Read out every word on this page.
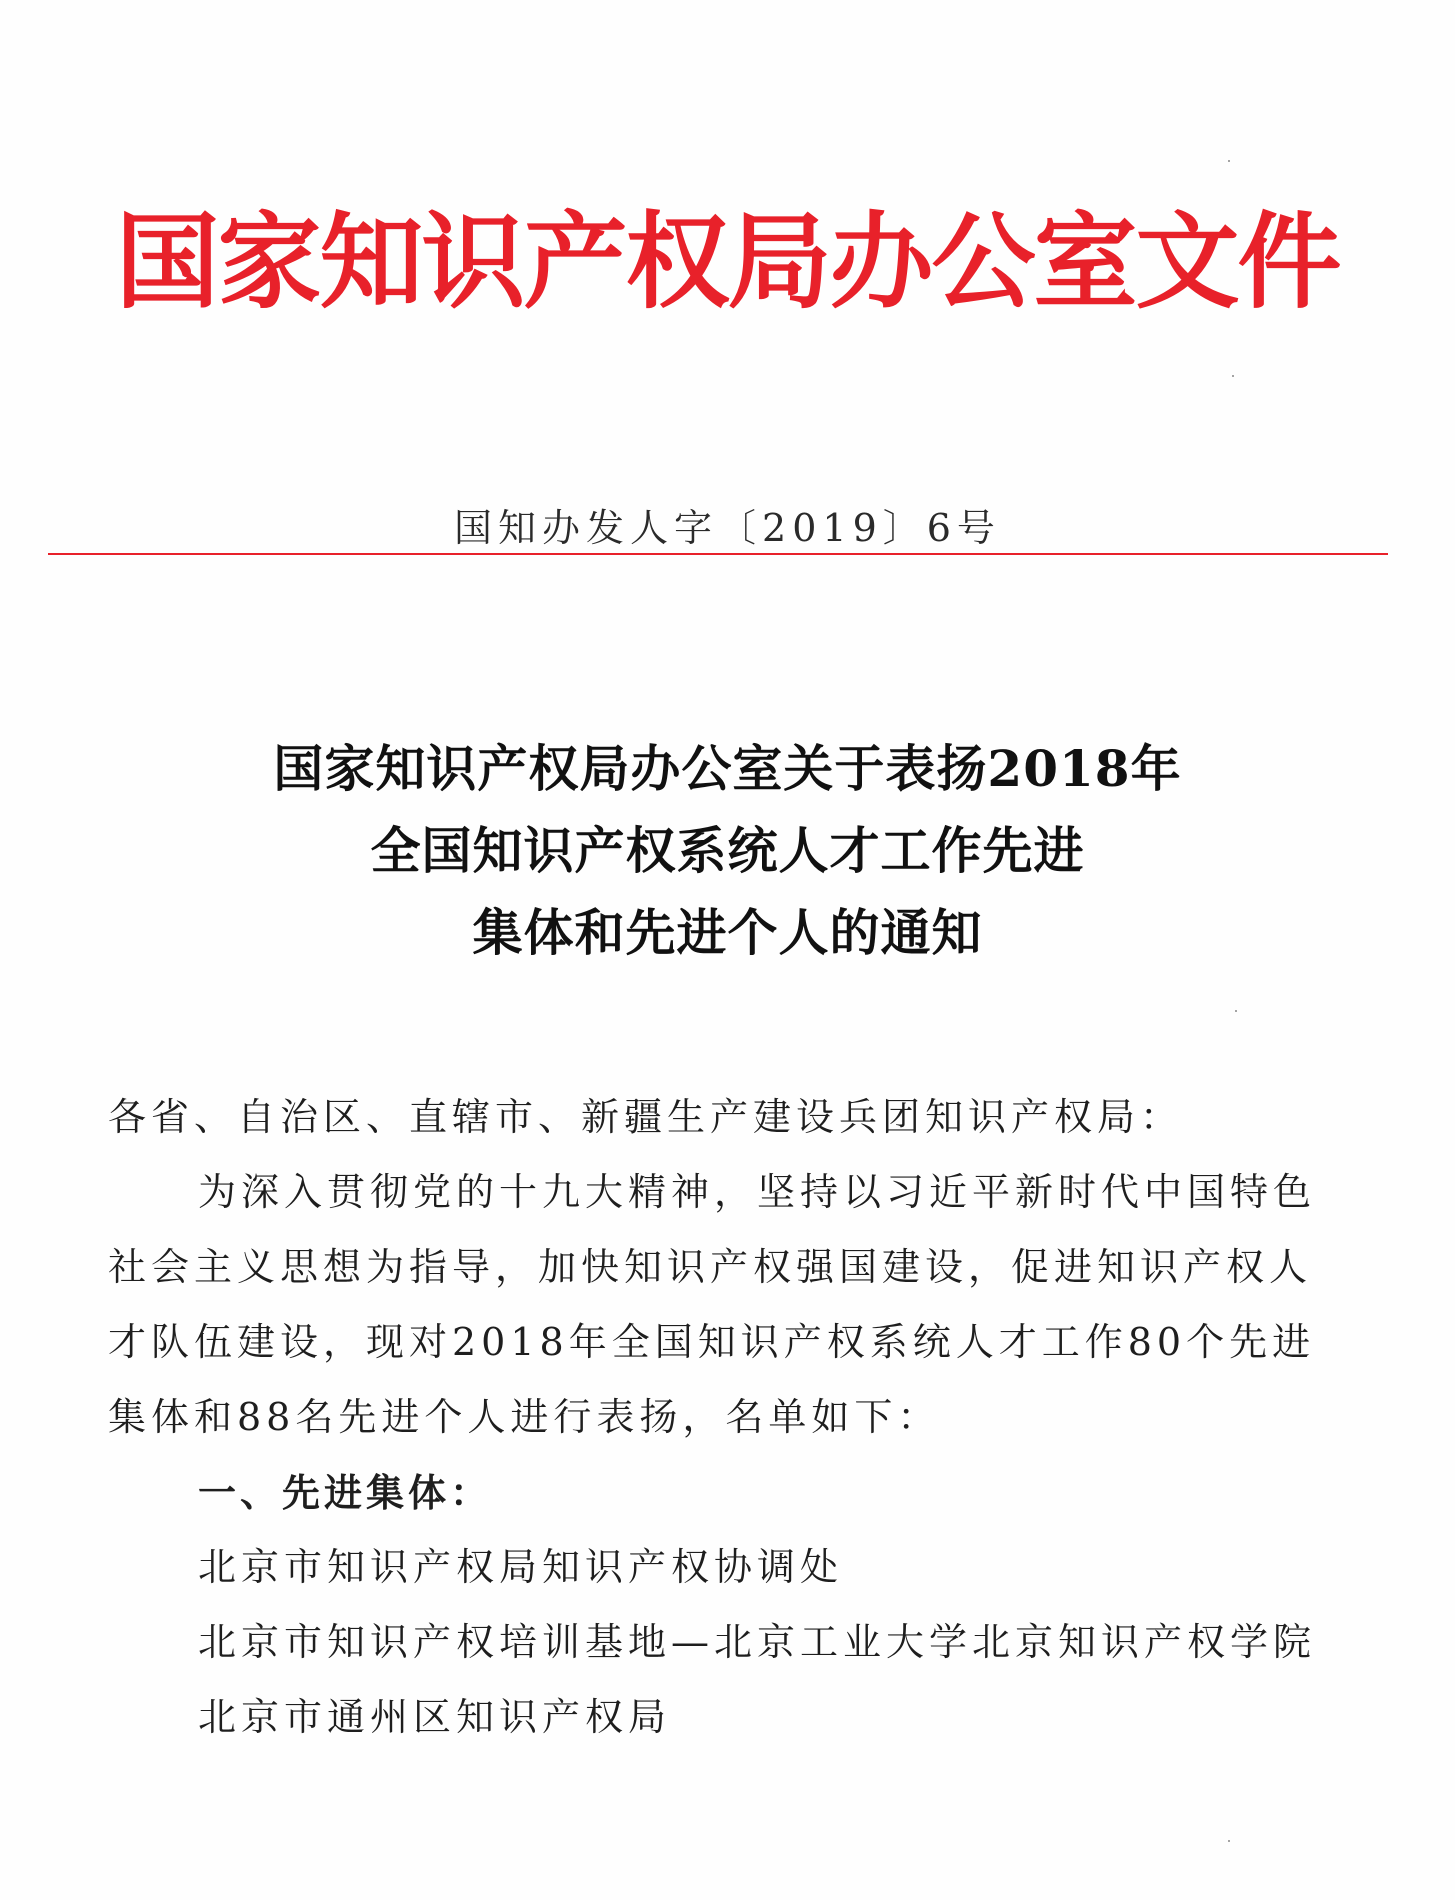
国家知识产权局办公室文件
国知办发人字〔2019〕6号
国家知识产权局办公室关于表扬2018年
全国知识产权系统人才工作先进
集体和先进个人的通知
各省、自治区、直辖市、新疆生产建设兵团知识产权局：
为深入贯彻党的十九大精神，坚持以习近平新时代中国特色
社会主义思想为指导，加快知识产权强国建设，促进知识产权人
才队伍建设，现对2018年全国知识产权系统人才工作80个先进
集体和88名先进个人进行表扬，名单如下：
一、先进集体：
北京市知识产权局知识产权协调处
北京市知识产权培训基地—北京工业大学北京知识产权学院
北京市通州区知识产权局
